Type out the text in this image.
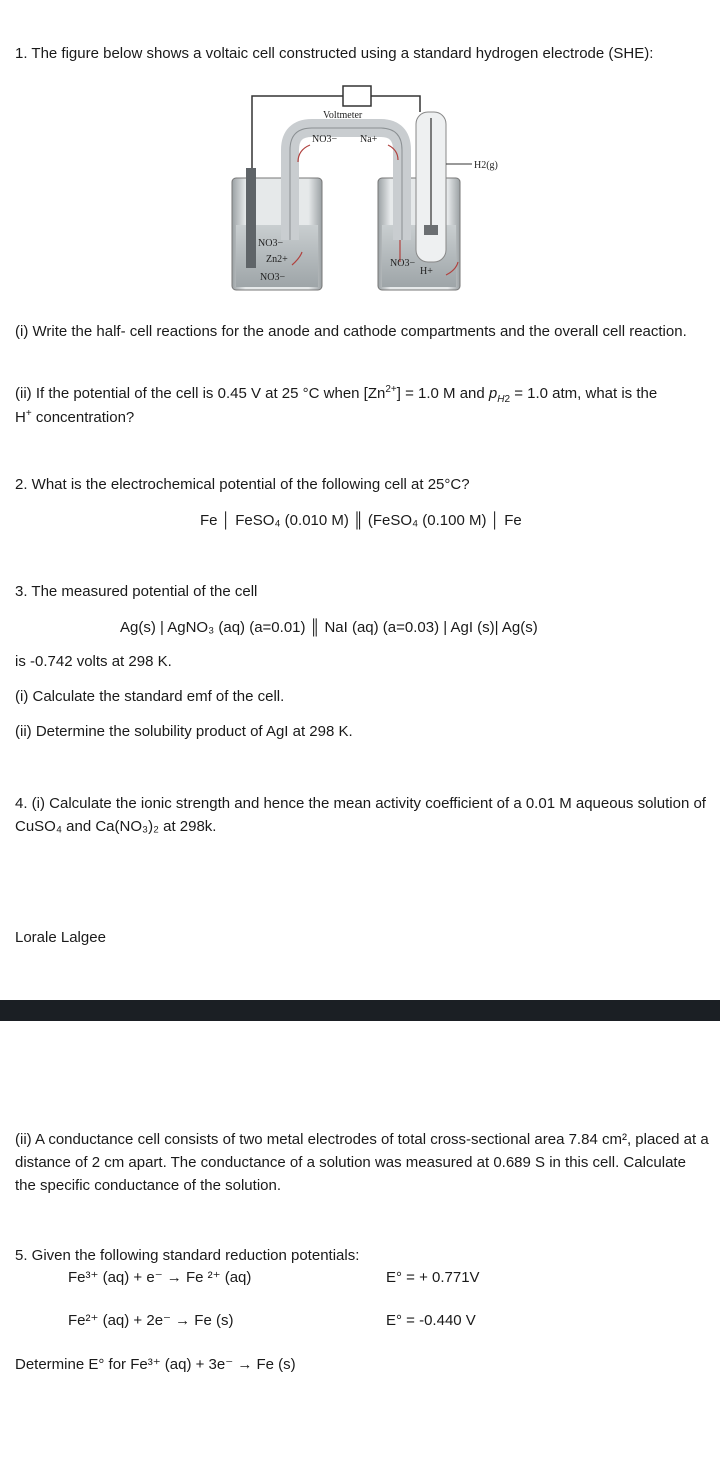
1. The figure below shows a voltaic cell constructed using a standard hydrogen electrode (SHE):
Voltmeter
NO3− Na+
H2(g)
NO3−
Zn2+
NO3−
NO3−
H+
(i) Write the half- cell reactions for the anode and cathode compartments and the overall cell reaction.
(ii) If the potential of the cell is 0.45 V at 25 °C when $[Zn^{2+}] = 1.0$ M and $p_{H2} = 1.0$ atm, what is the
H+ concentration?
2. What is the electrochemical potential of the following cell at 25°C?
Fe │ FeSO₄ (0.010 M) ║ (FeSO₄ (0.100 M) │ Fe
3. The measured potential of the cell
Ag(s) | AgNO₃ (aq) (a=0.01) ║ NaI (aq) (a=0.03) | AgI (s)| Ag(s)
is -0.742 volts at 298 K.
(i) Calculate the standard emf of the cell.
(ii) Determine the solubility product of AgI at 298 K.
4. (i) Calculate the ionic strength and hence the mean activity coefficient of a 0.01 M aqueous solution of CuSO₄ and Ca(NO₃)₂ at 298k.
Lorale Lalgee
(ii) A conductance cell consists of two metal electrodes of total cross-sectional area 7.84 cm², placed at a distance of 2 cm apart. The conductance of a solution was measured at 0.689 S in this cell. Calculate the specific conductance of the solution.
5. Given the following standard reduction potentials:
Fe³⁺ (aq) + e⁻ → Fe ²⁺ (aq)	E° = + 0.771V
Fe²⁺ (aq) + 2e⁻ → Fe (s)	E° = -0.440 V
Determine E° for Fe³⁺ (aq) + 3e⁻ → Fe (s)
